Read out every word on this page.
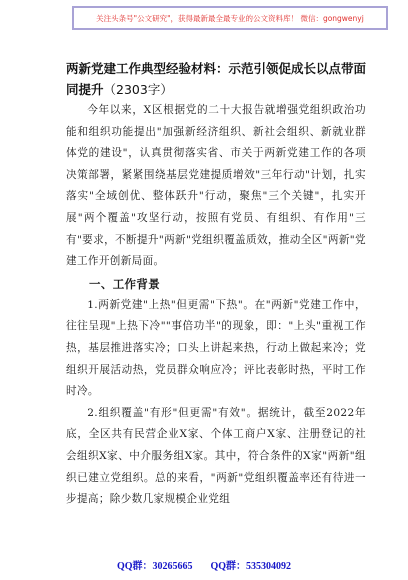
关注头条号"公文研究"，获得最新最全最专业的公文资料库！ 微信：gongwenyj
两新党建工作典型经验材料：示范引领促成长以点带面同提升（2303字）

今年以来，X区根据党的二十大报告就增强党组织政治功能和组织功能提出"加强新经济组织、新社会组织、新就业群体党的建设"，认真贯彻落实省、市关于两新党建工作的各项决策部署，紧紧围绕基层党建提质增效"三年行动"计划，扎实落实"全域创优、整体跃升"行动，聚焦"三个关键"，扎实开展"两个覆盖"攻坚行动，按照有党员、有组织、有作用"三有"要求，不断提升"两新"党组织覆盖质效，推动全区"两新"党建工作开创新局面。

一、工作背景

1.两新党建"上热"但更需"下热"。在"两新"党建工作中，往往呈现"上热下冷""事倍功半"的现象，即："上头"重视工作热，基层推进落实冷；口头上讲起来热，行动上做起来冷；党组织开展活动热，党员群众响应冷；评比表彰时热，平时工作时冷。

2.组织覆盖"有形"但更需"有效"。据统计，截至2022年底，全区共有民营企业X家、个体工商户X家、注册登记的社会组织X家、中介服务组X家。其中，符合条件的X家"两新"组织已建立党组织。总的来看，"两新"党组织覆盖率还有待进一步提高；除少数几家规模企业党组

QQ群：30265665 QQ群：535304092
